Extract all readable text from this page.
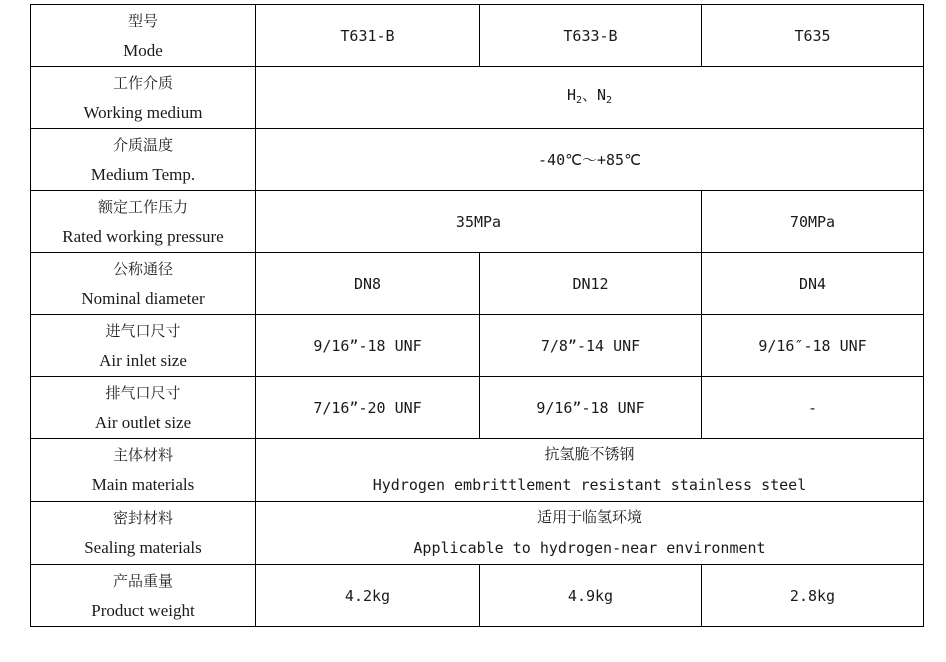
型号
Mode	T631-B	T633-B	T635

工作介质
Working medium	$H_2$、$N_2$

介质温度
Medium Temp.	-40℃～+85℃		

额定工作压力
Rated working pressure	35MPa		70MPa

公称通径
Nominal diameter	DN8	DN12	DN4

进气口尺寸
Air inlet size	9/16”-18 UNF	7/8”-14 UNF	9/16″-18 UNF

排气口尺寸
Air outlet size	7/16”-20 UNF	9/16”-18 UNF	-

主体材料
Main materials	抗氢脆不锈钢
Hydrogen embrittlement resistant stainless steel		

密封材料
Sealing materials	适用于临氢环境
Applicable to hydrogen-near environment		

产品重量
Product weight	4.2kg	4.9kg	2.8kg
